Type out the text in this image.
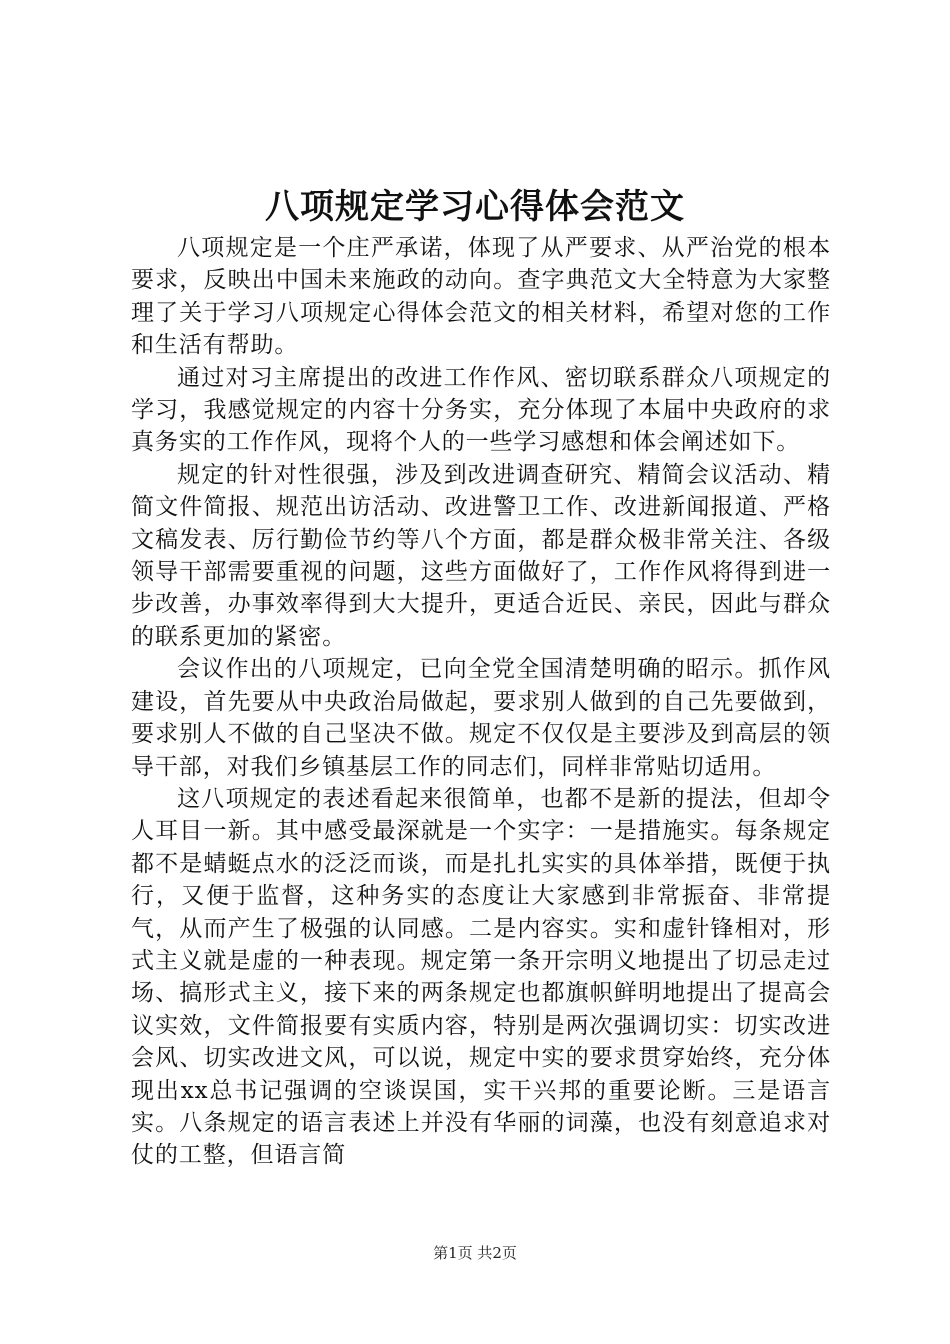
八项规定学习心得体会范文

八项规定是一个庄严承诺，体现了从严要求、从严治党的根本要求，反映出中国未来施政的动向。查字典范文大全特意为大家整理了关于学习八项规定心得体会范文的相关材料，希望对您的工作和生活有帮助。

通过对习主席提出的改进工作作风、密切联系群众八项规定的学习，我感觉规定的内容十分务实，充分体现了本届中央政府的求真务实的工作作风，现将个人的一些学习感想和体会阐述如下。

规定的针对性很强，涉及到改进调查研究、精简会议活动、精简文件简报、规范出访活动、改进警卫工作、改进新闻报道、严格文稿发表、厉行勤俭节约等八个方面，都是群众极非常关注、各级领导干部需要重视的问题，这些方面做好了，工作作风将得到进一步改善，办事效率得到大大提升，更适合近民、亲民，因此与群众的联系更加的紧密。

会议作出的八项规定，已向全党全国清楚明确的昭示。抓作风建设，首先要从中央政治局做起，要求别人做到的自己先要做到，要求别人不做的自己坚决不做。规定不仅仅是主要涉及到高层的领导干部，对我们乡镇基层工作的同志们，同样非常贴切适用。

这八项规定的表述看起来很简单，也都不是新的提法，但却令人耳目一新。其中感受最深就是一个实字：一是措施实。每条规定都不是蜻蜓点水的泛泛而谈，而是扎扎实实的具体举措，既便于执行，又便于监督，这种务实的态度让大家感到非常振奋、非常提气，从而产生了极强的认同感。二是内容实。实和虚针锋相对，形式主义就是虚的一种表现。规定第一条开宗明义地提出了切忌走过场、搞形式主义，接下来的两条规定也都旗帜鲜明地提出了提高会议实效，文件简报要有实质内容，特别是两次强调切实：切实改进会风、切实改进文风，可以说，规定中实的要求贯穿始终，充分体现出xx总书记强调的空谈误国，实干兴邦的重要论断。三是语言实。八条规定的语言表述上并没有华丽的词藻，也没有刻意追求对仗的工整，但语言简

第1页 共2页
